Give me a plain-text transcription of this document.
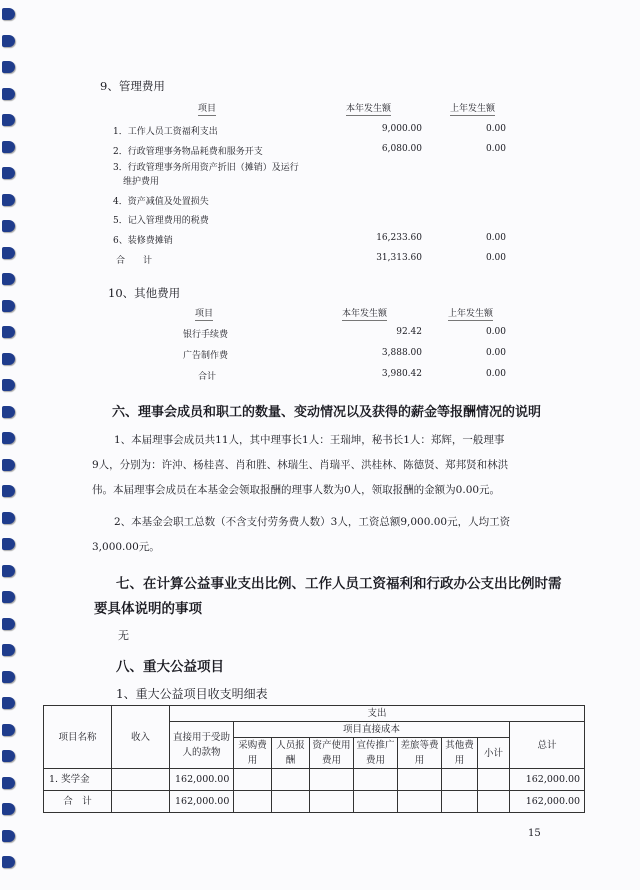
9、管理费用
项目	本年发生额	上年发生额
1．工作人员工资福利支出	9,000.00	0.00
2．行政管理事务物品耗费和服务开支	6,080.00	0.00
3．行政管理事务所用资产折旧（摊销）及运行
维护费用
4．资产减值及处置损失
5．记入管理费用的税费
6、装修费摊销	16,233.60	0.00
合　　计	31,313.60	0.00
10、其他费用
项目	本年发生额	上年发生额
银行手续费	92.42	0.00
广告制作费	3,888.00	0.00
合计	3,980.42	0.00
六、理事会成员和职工的数量、变动情况以及获得的薪金等报酬情况的说明
1、本届理事会成员共11人，其中理事长1人：王瑞坤，秘书长1人：郑辉，一般理事
9人，分别为：许沖、杨桂喜、肖和胜、林瑞生、肖瑞平、洪桂林、陈德贤、郑邦贤和林洪
伟。本届理事会成员在本基金会领取报酬的理事人数为0人，领取报酬的金额为0.00元。
2、本基金会职工总数（不含支付劳务费人数）3人，工资总额9,000.00元，人均工资
3,000.00元。
七、在计算公益事业支出比例、工作人员工资福利和行政办公支出比例时需
要具体说明的事项
无
八、重大公益项目
1、重大公益项目收支明细表
项目名称	收入	支出								
		直接用于受助人的款物	项目直接成本							总计
			采购费用	人员报酬	资产使用费用	宣传推广费用	差旅等费用	其他费用	小计	
1. 奖学金		162,000.00								162,000.00
合　计		162,000.00								162,000.00
15
